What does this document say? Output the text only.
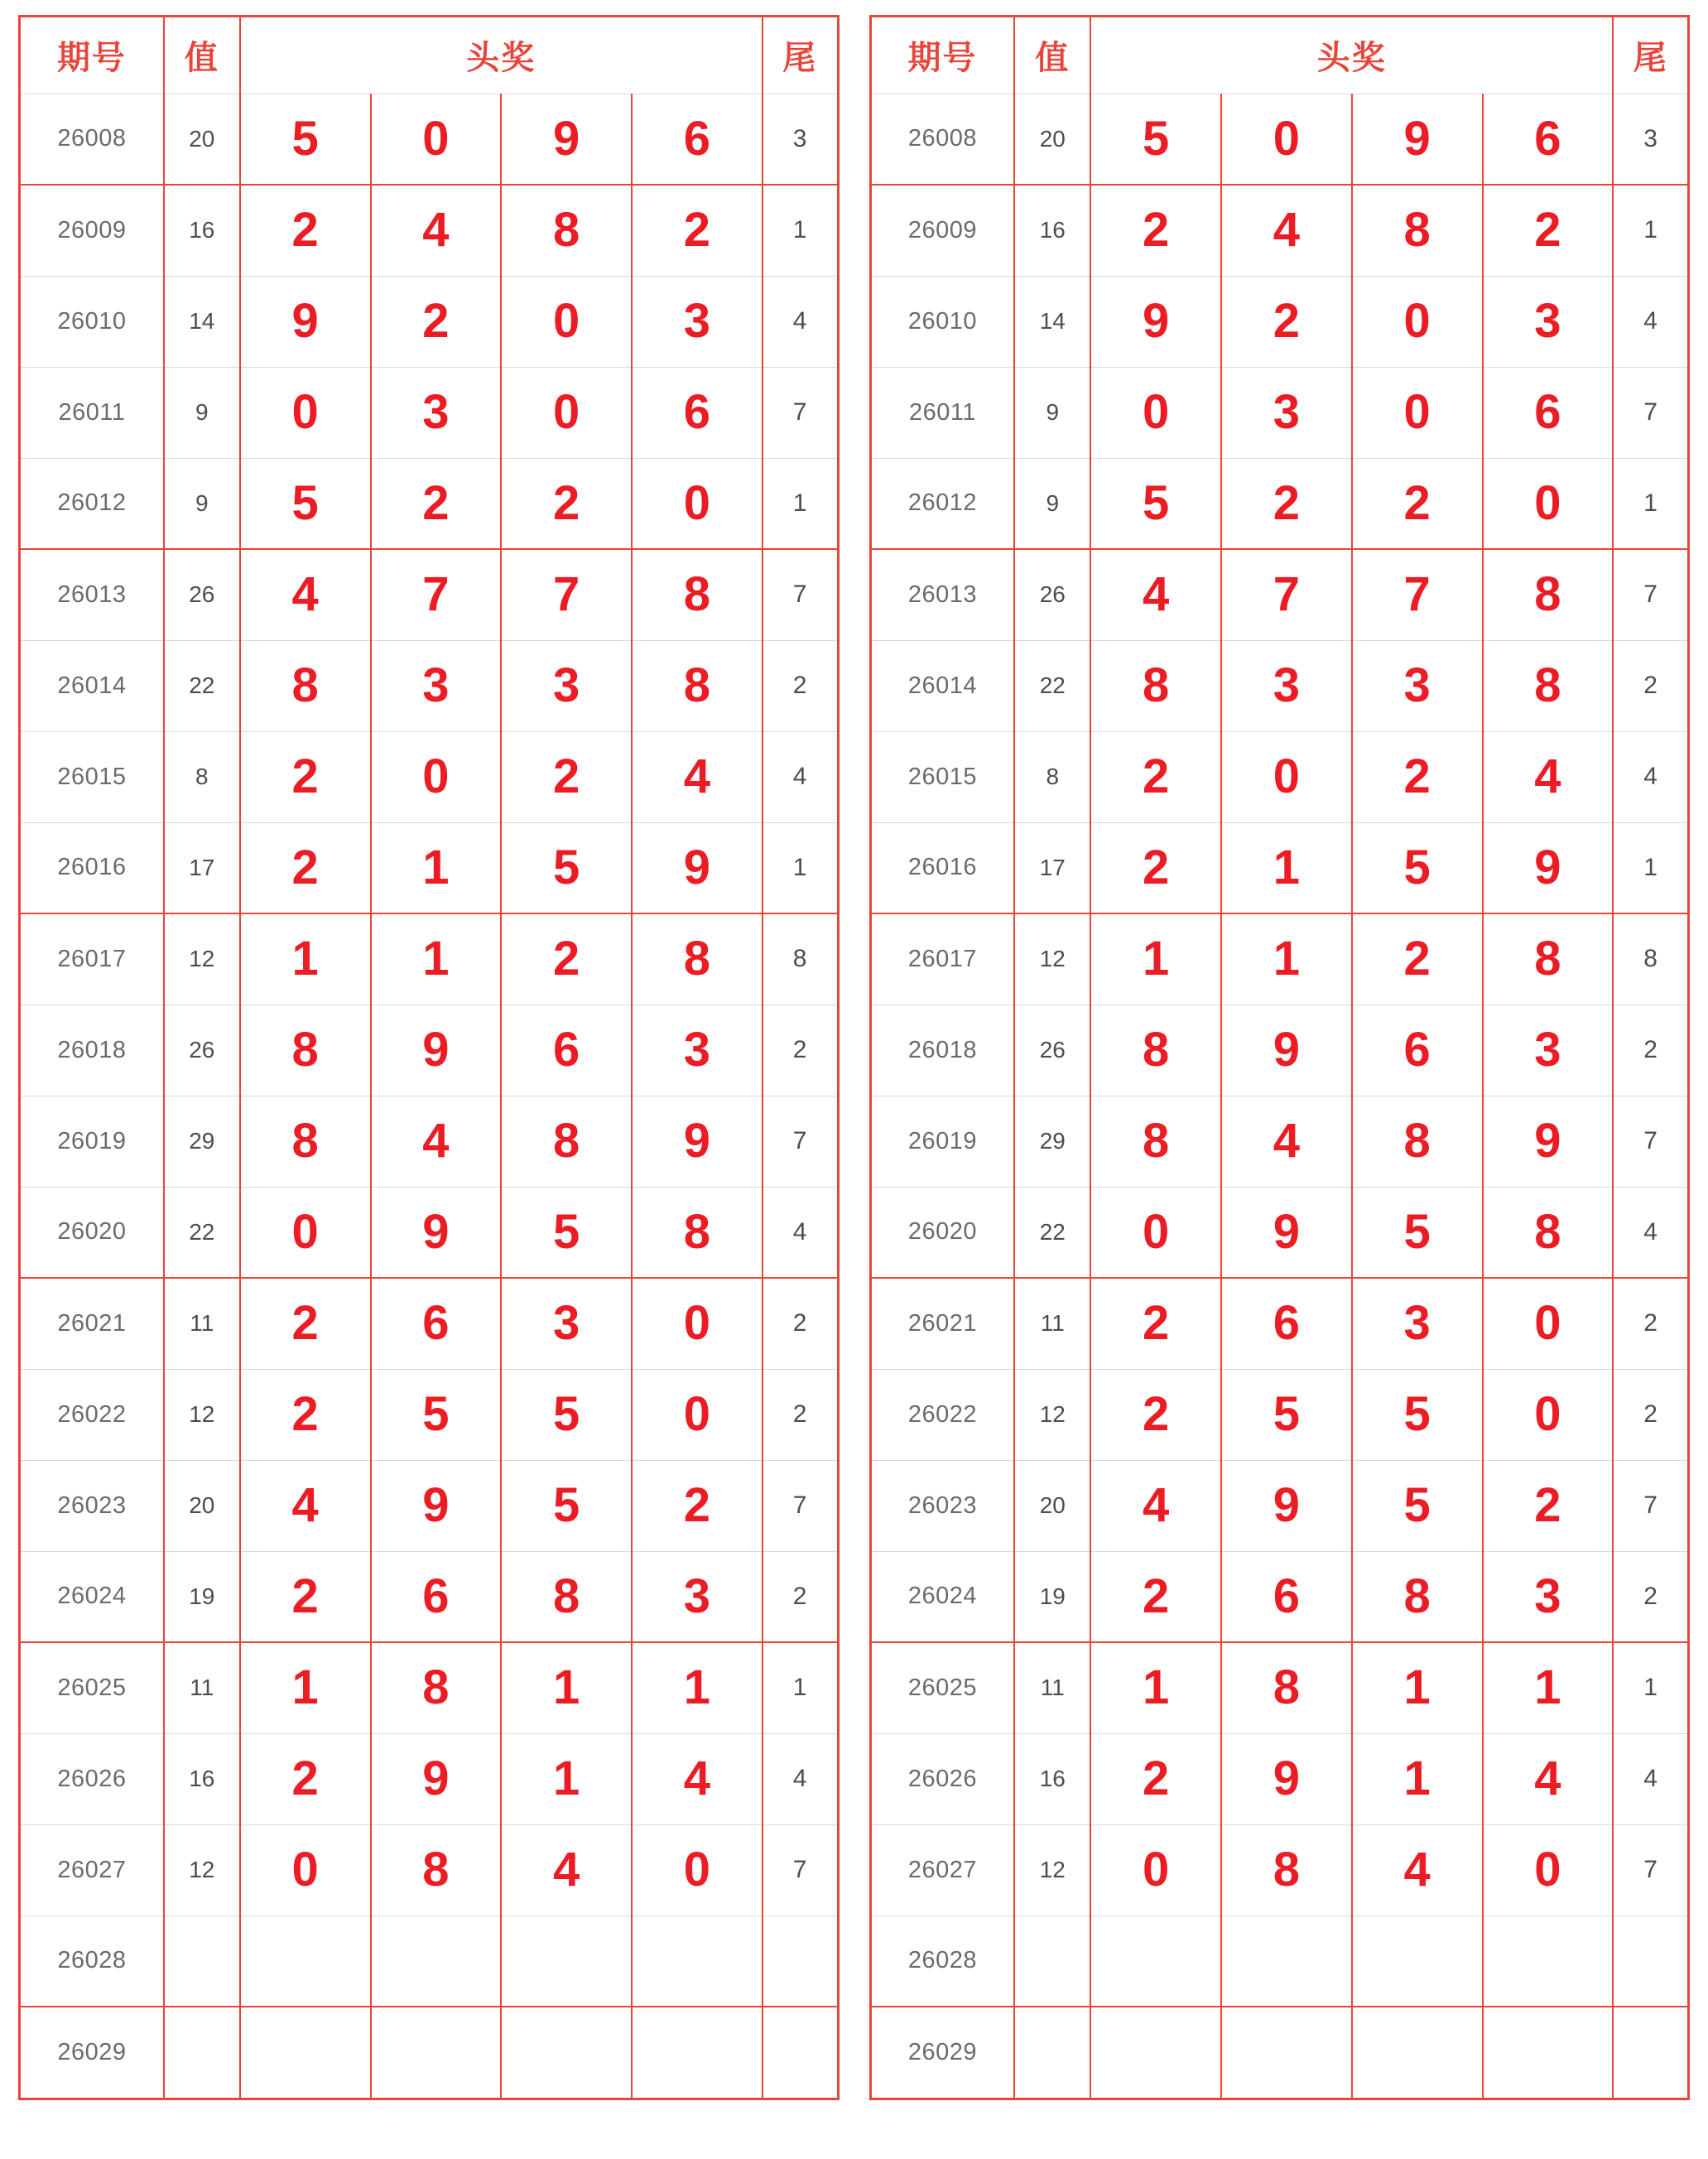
期号	值	头奖				尾
26008	20	5	0	9	6	3
26009	16	2	4	8	2	1
26010	14	9	2	0	3	4
26011	9	0	3	0	6	7
26012	9	5	2	2	0	1
26013	26	4	7	7	8	7
26014	22	8	3	3	8	2
26015	8	2	0	2	4	4
26016	17	2	1	5	9	1
26017	12	1	1	2	8	8
26018	26	8	9	6	3	2
26019	29	8	4	8	9	7
26020	22	0	9	5	8	4
26021	11	2	6	3	0	2
26022	12	2	5	5	0	2
26023	20	4	9	5	2	7
26024	19	2	6	8	3	2
26025	11	1	8	1	1	1
26026	16	2	9	1	4	4
26027	12	0	8	4	0	7
26028						
26029						
期号	值	头奖				尾
26008	20	5	0	9	6	3
26009	16	2	4	8	2	1
26010	14	9	2	0	3	4
26011	9	0	3	0	6	7
26012	9	5	2	2	0	1
26013	26	4	7	7	8	7
26014	22	8	3	3	8	2
26015	8	2	0	2	4	4
26016	17	2	1	5	9	1
26017	12	1	1	2	8	8
26018	26	8	9	6	3	2
26019	29	8	4	8	9	7
26020	22	0	9	5	8	4
26021	11	2	6	3	0	2
26022	12	2	5	5	0	2
26023	20	4	9	5	2	7
26024	19	2	6	8	3	2
26025	11	1	8	1	1	1
26026	16	2	9	1	4	4
26027	12	0	8	4	0	7
26028						
26029						
